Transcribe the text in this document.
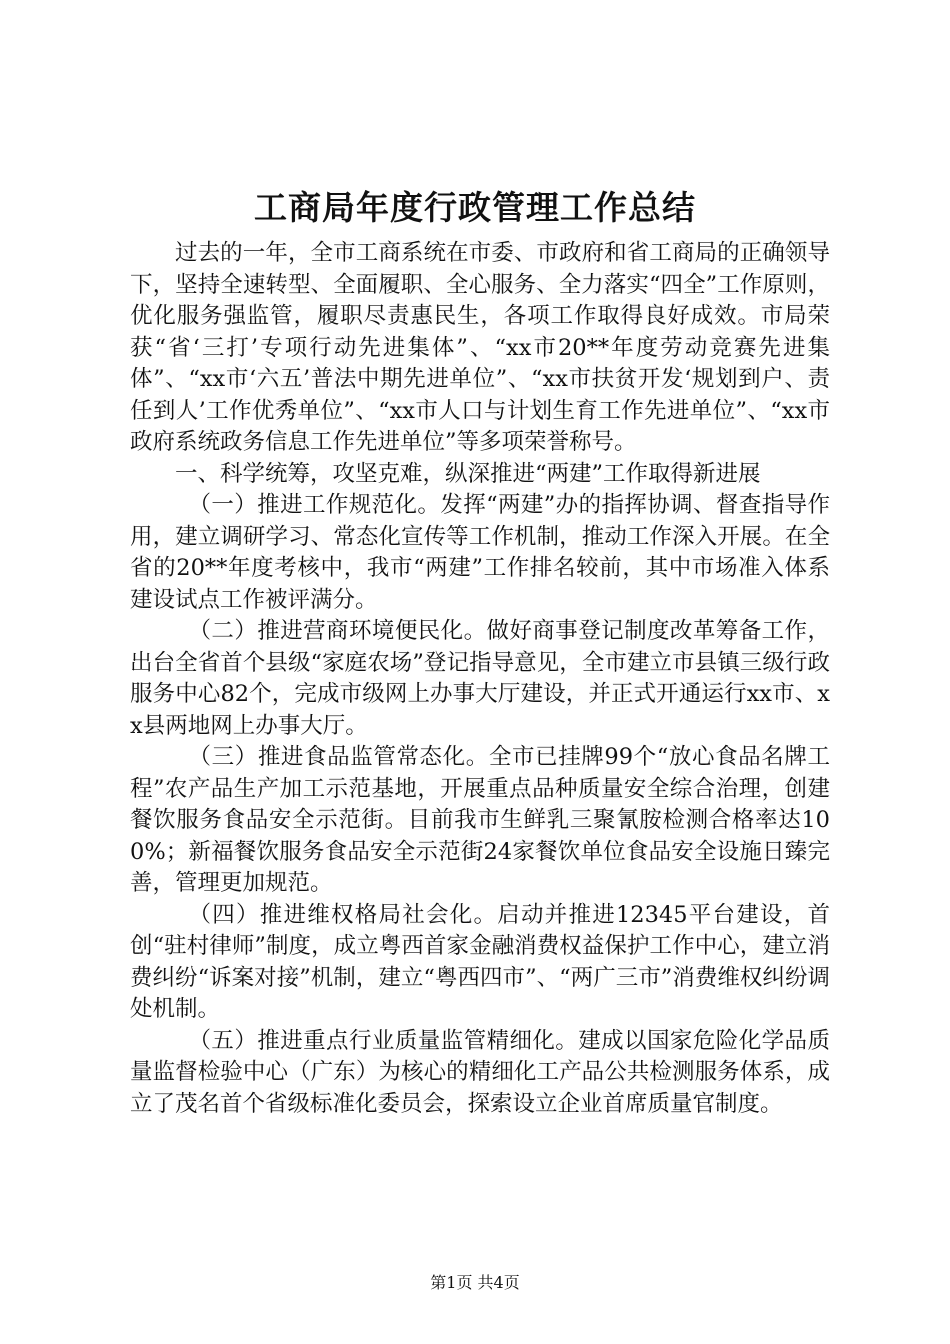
工商局年度行政管理工作总结

过去的一年，全市工商系统在市委、市政府和省工商局的正确领导下，坚持全速转型、全面履职、全心服务、全力落实“四全”工作原则，优化服务强监管，履职尽责惠民生，各项工作取得良好成效。市局荣获“省‘三打’专项行动先进集体”、“xx市20**年度劳动竞赛先进集体”、“xx市‘六五’普法中期先进单位”、“xx市扶贫开发‘规划到户、责任到人’工作优秀单位”、“xx市人口与计划生育工作先进单位”、“xx市政府系统政务信息工作先进单位”等多项荣誉称号。

一、科学统筹，攻坚克难，纵深推进“两建”工作取得新进展

（一）推进工作规范化。发挥“两建”办的指挥协调、督查指导作用，建立调研学习、常态化宣传等工作机制，推动工作深入开展。在全省的20**年度考核中，我市“两建”工作排名较前，其中市场准入体系建设试点工作被评满分。

（二）推进营商环境便民化。做好商事登记制度改革筹备工作，出台全省首个县级“家庭农场”登记指导意见，全市建立市县镇三级行政服务中心82个，完成市级网上办事大厅建设，并正式开通运行xx市、xx县两地网上办事大厅。

（三）推进食品监管常态化。全市已挂牌99个“放心食品名牌工程”农产品生产加工示范基地，开展重点品种质量安全综合治理，创建餐饮服务食品安全示范街。目前我市生鲜乳三聚氰胺检测合格率达100%；新福餐饮服务食品安全示范街24家餐饮单位食品安全设施日臻完善，管理更加规范。

（四）推进维权格局社会化。启动并推进12345平台建设，首创“驻村律师”制度，成立粤西首家金融消费权益保护工作中心，建立消费纠纷“诉案对接”机制，建立“粤西四市”、“两广三市”消费维权纠纷调处机制。

（五）推进重点行业质量监管精细化。建成以国家危险化学品质量监督检验中心（广东）为核心的精细化工产品公共检测服务体系，成立了茂名首个省级标准化委员会，探索设立企业首席质量官制度。

第1页 共4页
